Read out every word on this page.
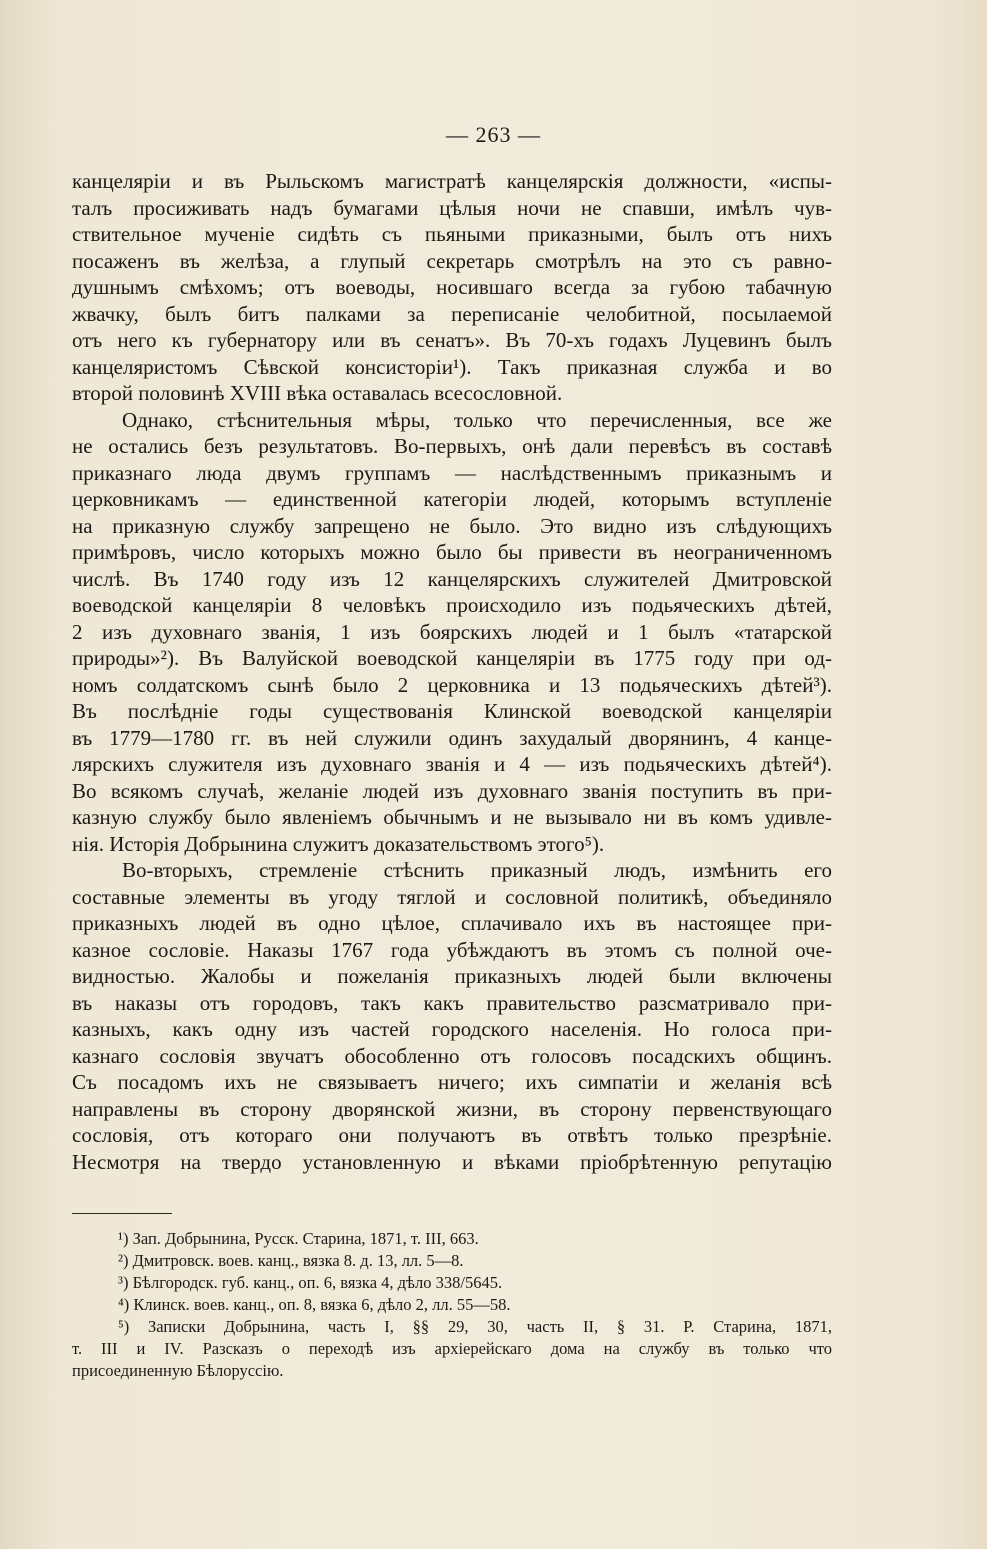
— 263 —
канцеляріи и въ Рыльскомъ магистратѣ канцелярскія должности, «испы-
талъ просиживать надъ бумагами цѣлыя ночи не спавши, имѣлъ чув-
ствительное мученіе сидѣть съ пьяными приказными, былъ отъ нихъ
посаженъ въ желѣза, а глупый секретарь смотрѣлъ на это съ равно-
душнымъ смѣхомъ; отъ воеводы, носившаго всегда за губою табачную
жвачку, былъ битъ палками за переписаніе челобитной, посылаемой
отъ него къ губернатору или въ сенатъ». Въ 70-хъ годахъ Луцевинъ былъ
канцеляристомъ Сѣвской консисторіи¹). Такъ приказная служба и во
второй половинѣ XVIII вѣка оставалась всесословной.
Однако, стѣснительныя мѣры, только что перечисленныя, все же
не остались безъ результатовъ. Во-первыхъ, онѣ дали перевѣсъ въ составѣ
приказнаго люда двумъ группамъ — наслѣдственнымъ приказнымъ и
церковникамъ — единственной категоріи людей, которымъ вступленіе
на приказную службу запрещено не было. Это видно изъ слѣдующихъ
примѣровъ, число которыхъ можно было бы привести въ неограниченномъ
числѣ. Въ 1740 году изъ 12 канцелярскихъ служителей Дмитровской
воеводской канцеляріи 8 человѣкъ происходило изъ подьяческихъ дѣтей,
2 изъ духовнаго званія, 1 изъ боярскихъ людей и 1 былъ «татарской
природы»²). Въ Валуйской воеводской канцеляріи въ 1775 году при од-
номъ солдатскомъ сынѣ было 2 церковника и 13 подьяческихъ дѣтей³).
Въ послѣдніе годы существованія Клинской воеводской канцеляріи
въ 1779—1780 гг. въ ней служили одинъ захудалый дворянинъ, 4 канце-
лярскихъ служителя изъ духовнаго званія и 4 — изъ подьяческихъ дѣтей⁴).
Во всякомъ случаѣ, желаніе людей изъ духовнаго званія поступить въ при-
казную службу было явленіемъ обычнымъ и не вызывало ни въ комъ удивле-
нія. Исторія Добрынина служитъ доказательствомъ этого⁵).
Во-вторыхъ, стремленіе стѣснить приказный людъ, измѣнить его
составные элементы въ угоду тяглой и сословной политикѣ, объединяло
приказныхъ людей въ одно цѣлое, сплачивало ихъ въ настоящее при-
казное сословіе. Наказы 1767 года убѣждаютъ въ этомъ съ полной оче-
видностью. Жалобы и пожеланія приказныхъ людей были включены
въ наказы отъ городовъ, такъ какъ правительство разсматривало при-
казныхъ, какъ одну изъ частей городского населенія. Но голоса при-
казнаго сословія звучатъ обособленно отъ голосовъ посадскихъ общинъ.
Съ посадомъ ихъ не связываетъ ничего; ихъ симпатіи и желанія всѣ
направлены въ сторону дворянской жизни, въ сторону первенствующаго
сословія, отъ котораго они получаютъ въ отвѣтъ только презрѣніе.
Несмотря на твердо установленную и вѣками пріобрѣтенную репутацію
¹) Зап. Добрынина, Русск. Старина, 1871, т. III, 663.
²) Дмитровск. воев. канц., вязка 8. д. 13, лл. 5—8.
³) Бѣлгородск. губ. канц., оп. 6, вязка 4, дѣло 338/5645.
⁴) Клинск. воев. канц., оп. 8, вязка 6, дѣло 2, лл. 55—58.
⁵) Записки Добрынина, часть I, §§ 29, 30, часть II, § 31. Р. Старина, 1871,
т. III и IV. Разсказъ о переходѣ изъ архіерейскаго дома на службу въ только что
присоединенную Бѣлоруссію.
